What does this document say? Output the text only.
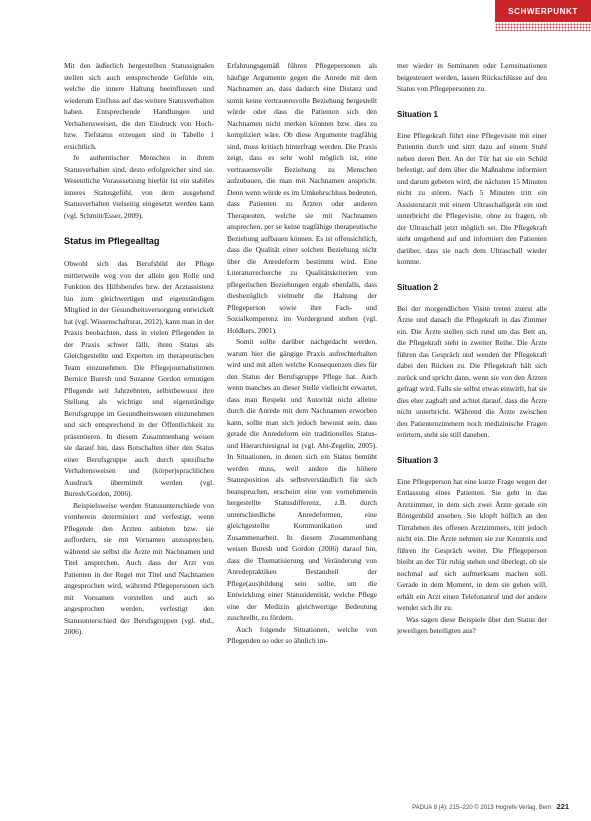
SCHWERPUNKT

Mit den äußerlich hergestellten Statussignalen stellen sich auch entsprechende Gefühle ein, welche die innere Haltung beeinflussen und wiederum Einfluss auf das weitere Statusverhalten haben. Entsprechende Handlungen und Verhaltensweisen, die den Eindruck von Hoch- bzw. Tiefstatus erzeugen sind in Tabelle 1 ersichtlich.

Je authentischer Menschen in ihrem Statusverhalten sind, desto erfolgreicher sind sie. Wesentliche Voraussetzung hierfür ist ein stabiles inneres Statusgefühl, von dem ausgehend Statusverhalten vielseitig eingesetzt werden kann (vgl. Schmitt/Esser, 2009).

Status im Pflegealltag

Obwohl sich das Berufsbild der Pflege mittlerweile weg von der allein gen Rolle und Funktion des Hilfsberufes bzw. der Arztassistenz hin zum gleichwertigen und eigenständigen Mitglied in der Gesundheitsversorgung entwickelt hat (vgl. Wissenschaftsrat, 2012), kann man in der Praxis beobachten, dass in vielen Pflegenden in der Praxis schwer fällt, ihren Status als Gleichgestellte und Experten im therapeutischen Team einzunehmen. Die Pflegejournalistinnen Bernice Buresh und Suzanne Gordon ermutigen Pflegende seit Jahrzehnten, selbstbewusst ihre Stellung als wichtige und eigenständige Berufsgruppe im Gesundheitswesen einzunehmen und sich entsprechend in der Öffentlichkeit zu präsentieren. In diesem Zusammenhang weisen sie darauf hin, dass Botschaften über den Status einer Berufsgruppe auch durch spezifische Verhaltensweisen und (körper)sprachlichen Ausdruck übermittelt werden (vgl. Buresh/Gordon, 2006).

Beispielsweise werden Statusunterschiede von vornherein determiniert und verfestigt, wenn Pflegende den Ärzten anbieten bzw. sie auffordern, sie mit Vornamen anzusprechen, während sie selbst die Ärzte mit Nachnamen und Titel ansprechen. Auch dass der Arzt von Patienten in der Regel mit Titel und Nachnamen angesprochen wird, während Pflegepersonen sich mit Vornamen vorstellen und auch so angesprochen werden, verfestigt den Statusunterschied der Berufsgruppen (vgl. ebd., 2006).

Erfahrungsgemäß führen Pflegepersonen als häufige Argumente gegen die Anrede mit dem Nachnamen an, dass dadurch eine Distanz und somit keine vertrauensvolle Beziehung hergestellt würde oder dass die Patienten sich den Nachnamen nicht merken könnten bzw. dies zu kompliziert wäre. Ob diese Argumente tragfähig sind, muss kritisch hinterfragt werden. Die Praxis zeigt, dass es sehr wohl möglich ist, eine vertrauensvolle Beziehung zu Menschen aufzubauen, die man mit Nachnamen anspricht. Denn wenn würde es im Umkehrschluss bedeuten, dass Patienten zu Ärzten oder anderen Therapeuten, welche sie mit Nachnamen ansprechen, per se keine tragfähige therapeutische Beziehung aufbauen können. Es ist offensichtlich, dass die Qualität einer solchen Beziehung nicht über die Anredeform bestimmt wird. Eine Literaturrecherche zu Qualitätskriterien von pflegerischen Beziehungen ergab ebenfalls, dass diesbezüglich vielmehr die Haltung der Pflegeperson sowie ihre Fach- und Sozialkompetenz im Vordergrund stehen (vgl. Holdkers, 2001).

Somit sollte darüber nachgedacht werden, warum hier die gängige Praxis aufrechterhalten wird und mit allen welche Konsequenzen dies für den Status der Berufsgruppe Pflege hat. Auch wenn manches an dieser Stelle vielleicht erwartet, dass man Respekt und Autorität nicht alleine durch die Anrede mit dem Nachnamen erworben kann, sollte man sich jedoch bewusst sein, dass gerade die Anredeform ein traditionelles Status- und Hierarchiesignal ist (vgl. Abt-Zegelin, 2005). In Situationen, in denen sich ein Status bemüht werden muss, weil andere die höhere Statusposition als selbstverständlich für sich beanspruchen, erscheint eine von vornehmerein hergestellte Statusdifferenz, z.B. durch unterschiedliche Anredeformen, eine gleichgestellte Kommunikation und Zusammenarbeit. In diesem Zusammenhang weisen Buresh und Gordon (2006) darauf hin, dass die Thematisierung und Veränderung von Anredepraktiken Bestandteil der Pflege(aus)bildung sein sollte, um die Entwicklung einer Statusidentität, welche Pflege eine der Medizin gleichwertige Bedeutung zuschreibt, zu fördern.

Auch folgende Situationen, welche von Pflegenden so oder so ähnlich im-

mer wieder in Seminaren oder Lernsituationen beigesteuert werden, lassen Rückschlüsse auf den Status von Pflegepersonen zu.

Situation 1

Eine Pflegekraft führt eine Pflegevisite mit einer Patientin durch und sitzt dazu auf einem Stuhl neben deren Bett. An der Tür hat sie ein Schild befestigt, auf dem über die Maßnahme informiert und darum gebeten wird, die nächsten 15 Minuten nicht zu stören. Nach 5 Minuten tritt ein Assistenzarzt mit einem Ultraschallgerät ein und unterbricht die Pflegevisite, ohne zu fragen, ob der Ultraschall jetzt möglich sei. Die Pflegekraft steht umgehend auf und informiert den Patienten darüber, dass sie nach dem Ultraschall wieder komme.

Situation 2

Bei der morgendlichen Visite treten zuerst alle Ärzte und danach die Pflegekraft in das Zimmer ein. Die Ärzte stellen sich rund um das Bett an, die Pflegekraft steht in zweiter Reihe. Die Ärzte führen das Gespräch und wenden der Pflegekraft dabei den Rücken zu. Die Pflegekraft hält sich zurück und spricht dann, wenn sie von den Ärzten gefragt wird. Falls sie selbst etwas einwirft, hat sie dies eher zaghaft und achtet darauf, dass die Ärzte nicht unterbricht. Während die Ärzte zwischen den Patientenzimmern noch medizinische Fragen erörtern, steht sie still daneben.

Situation 3

Eine Pflegeperson hat eine kurze Frage wegen der Entlassung eines Patienten. Sie geht in das Arztzimmer, in dem sich zwei Ärzte gerade ein Röntgenbild ansehen. Sie klopft höflich an den Türrahmen des offenen Arztzimmers, tritt jedoch nicht ein. Die Ärzte nehmen sie zur Kenntnis und führen ihr Gespräch weiter. Die Pflegeperson bleibt an der Tür ruhig stehen und überlegt, ob sie nochmal auf sich aufmerksam machen soll. Gerade in dem Moment, in dem sie gehen will, erhält ein Arzt einen Telefonanruf und der andere wendet sich ihr zu.

Was sagen diese Beispiele über den Status der jeweiligen beteiligten aus?

PADUA 8 (4): 215–220 © 2013 Hogrefe Verlag, Bern 221
